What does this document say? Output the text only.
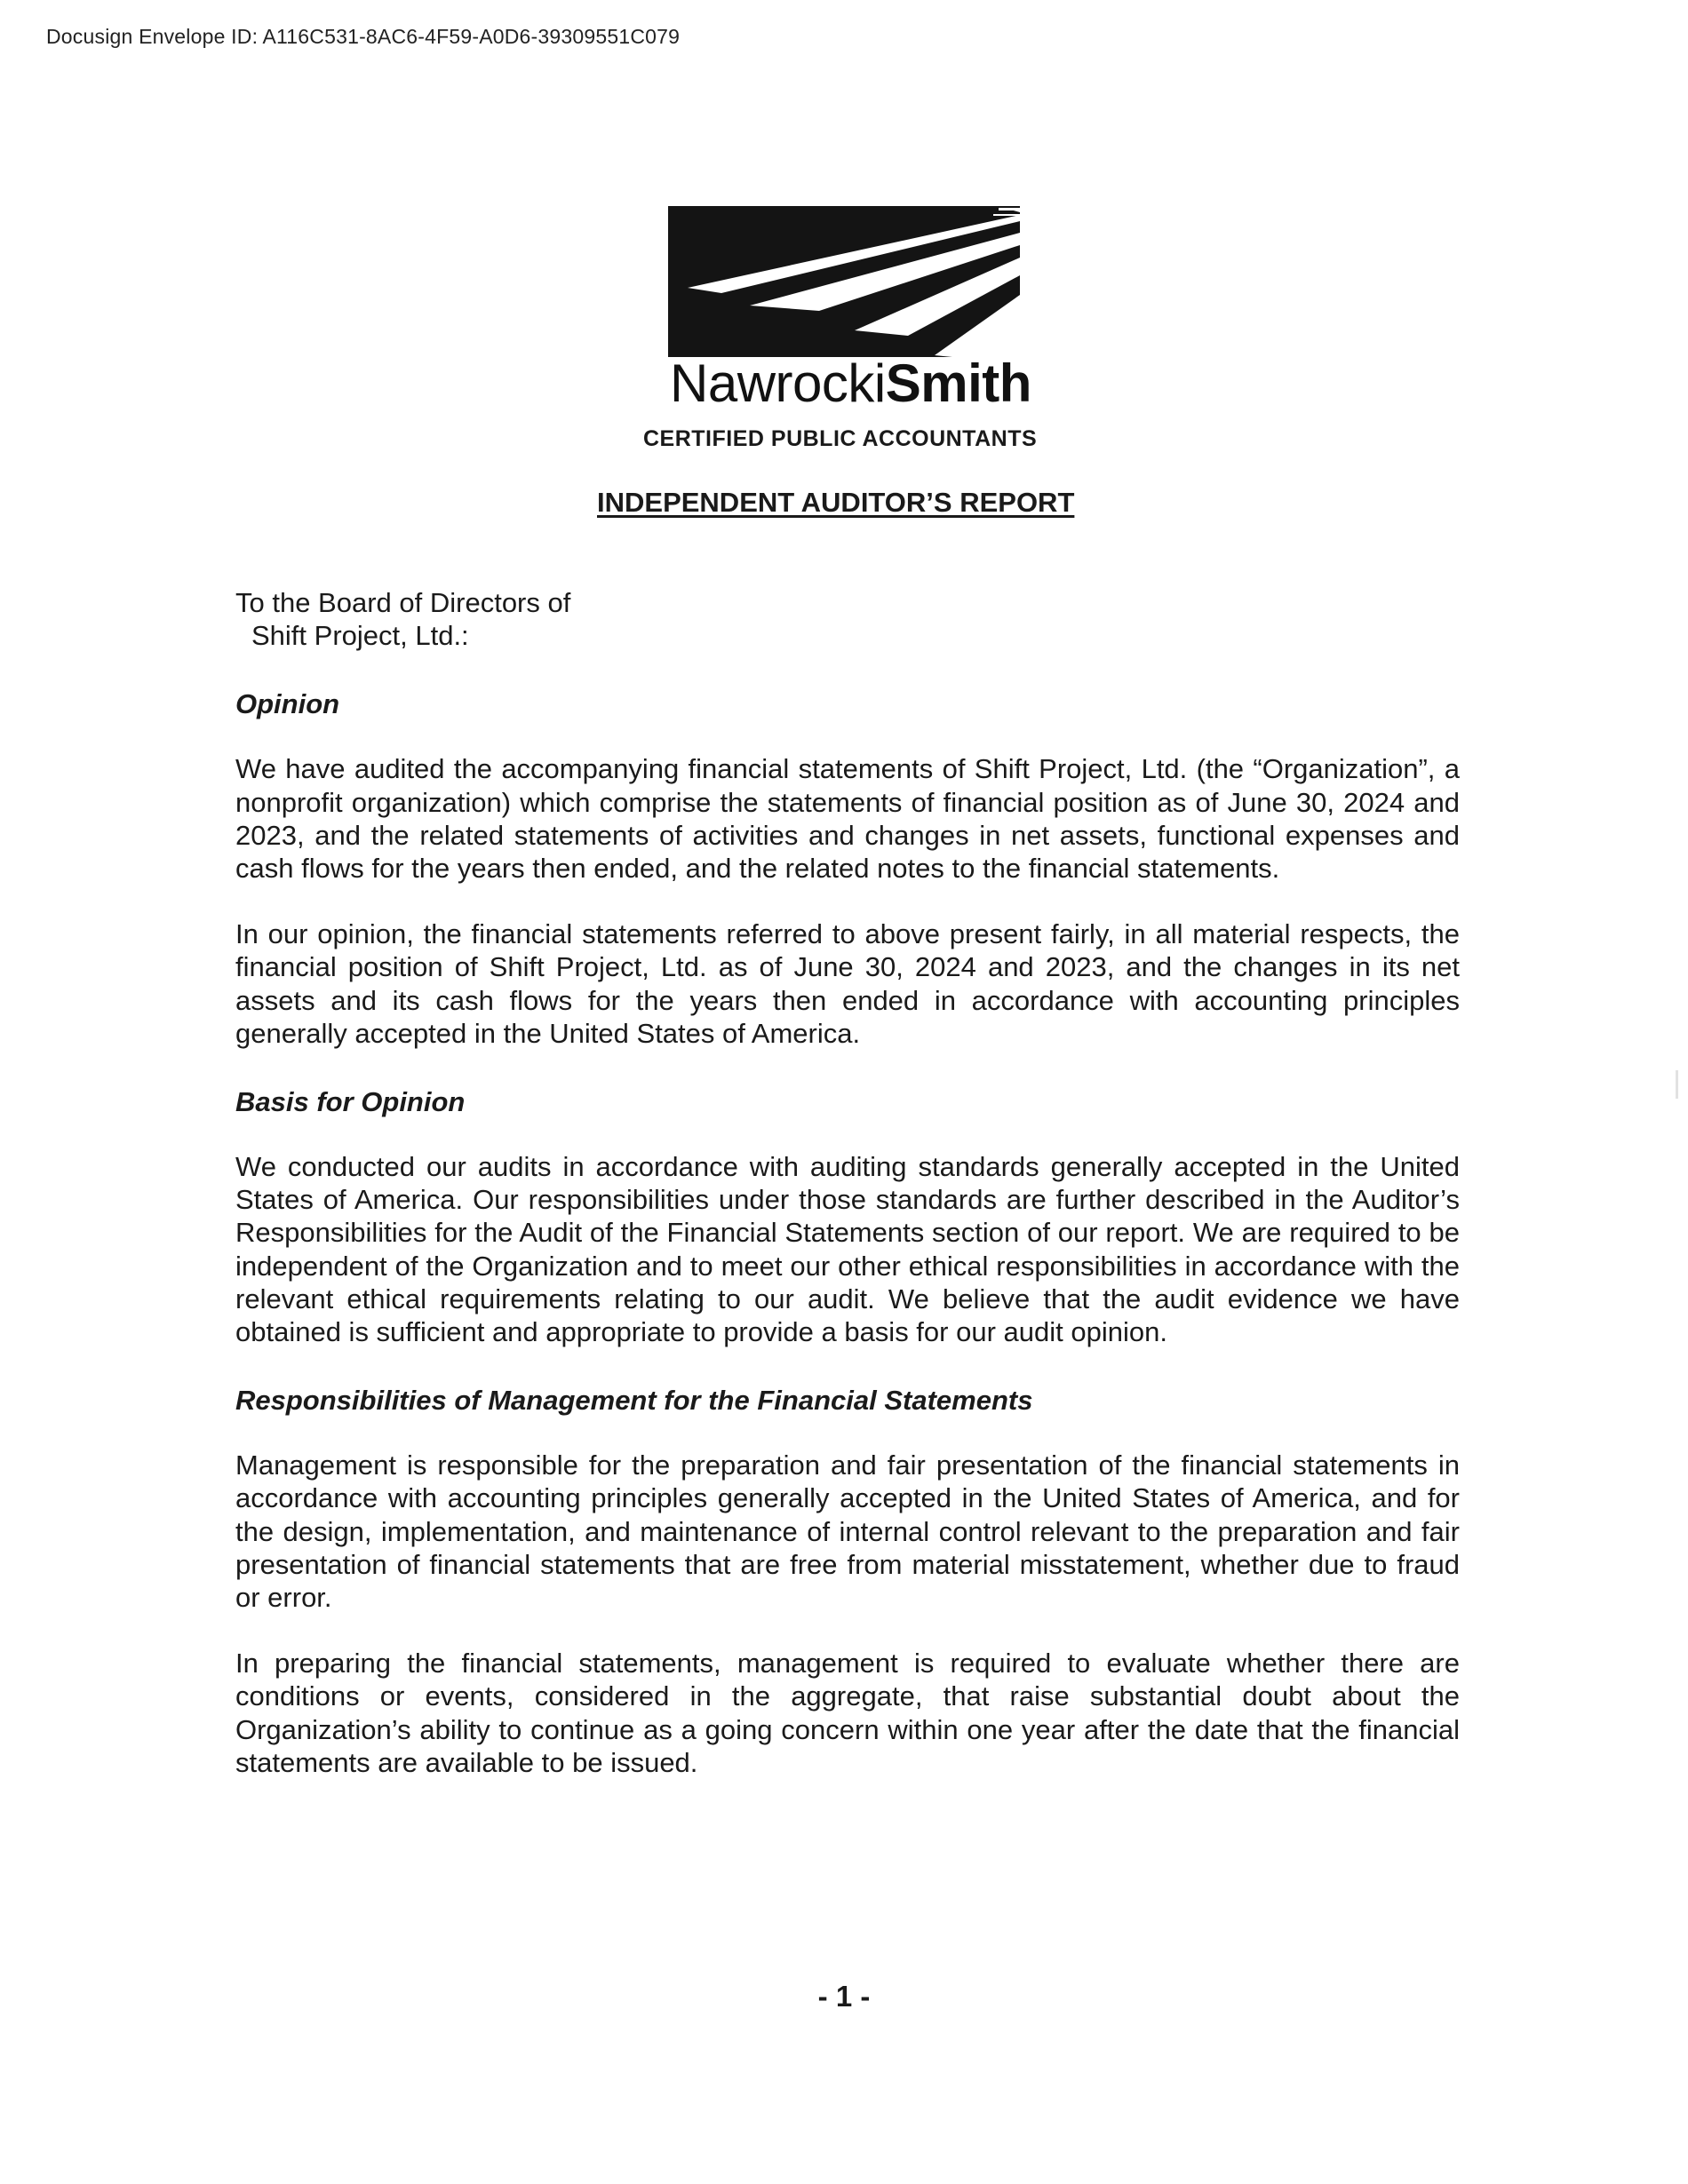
Docusign Envelope ID: A116C531-8AC6-4F59-A0D6-39309551C079
NawrockiSmith
CERTIFIED PUBLIC ACCOUNTANTS
INDEPENDENT AUDITOR’S REPORT
To the Board of Directors of
Shift Project, Ltd.:
Opinion

We have audited the accompanying financial statements of Shift Project, Ltd. (the “Organization”, a nonprofit organization) which comprise the statements of financial position as of June 30, 2024 and 2023, and the related statements of activities and changes in net assets, functional expenses and cash flows for the years then ended, and the related notes to the financial statements.

In our opinion, the financial statements referred to above present fairly, in all material respects, the financial position of Shift Project, Ltd. as of June 30, 2024 and 2023, and the changes in its net assets and its cash flows for the years then ended in accordance with accounting principles generally accepted in the United States of America.

Basis for Opinion

We conducted our audits in accordance with auditing standards generally accepted in the United States of America. Our responsibilities under those standards are further described in the Auditor’s Responsibilities for the Audit of the Financial Statements section of our report. We are required to be independent of the Organization and to meet our other ethical responsibilities in accordance with the relevant ethical requirements relating to our audit. We believe that the audit evidence we have obtained is sufficient and appropriate to provide a basis for our audit opinion.

Responsibilities of Management for the Financial Statements

Management is responsible for the preparation and fair presentation of the financial statements in accordance with accounting principles generally accepted in the United States of America, and for the design, implementation, and maintenance of internal control relevant to the preparation and fair presentation of financial statements that are free from material misstatement, whether due to fraud or error.

In preparing the financial statements, management is required to evaluate whether there are conditions or events, considered in the aggregate, that raise substantial doubt about the Organization’s ability to continue as a going concern within one year after the date that the financial statements are available to be issued.

- 1 -
